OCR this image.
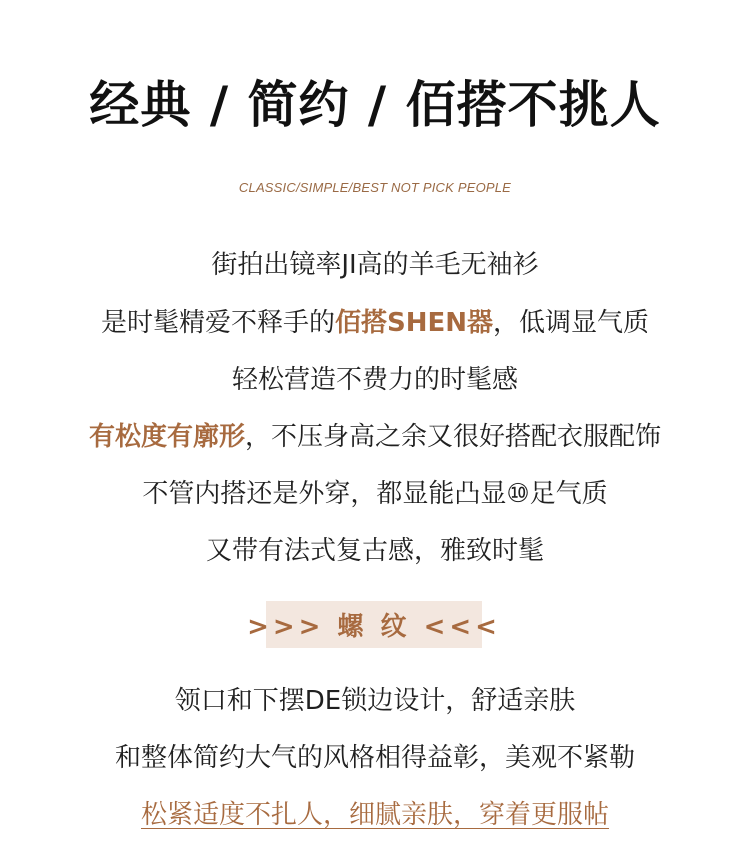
经典 / 简约 / 佰搭不挑人
CLASSIC/SIMPLE/BEST NOT PICK PEOPLE
街拍出镜率JI高的羊毛无袖衫
是时髦精爱不释手的佰搭SHEN器，低调显气质
轻松营造不费力的时髦感
有松度有廓形，不压身高之余又很好搭配衣服配饰
不管内搭还是外穿，都显能凸显⑩足气质
又带有法式复古感，雅致时髦
>>> 螺 纹 <<<
领口和下摆DE锁边设计，舒适亲肤
和整体简约大气的风格相得益彰，美观不紧勒
松紧适度不扎人，细腻亲肤，穿着更服帖
